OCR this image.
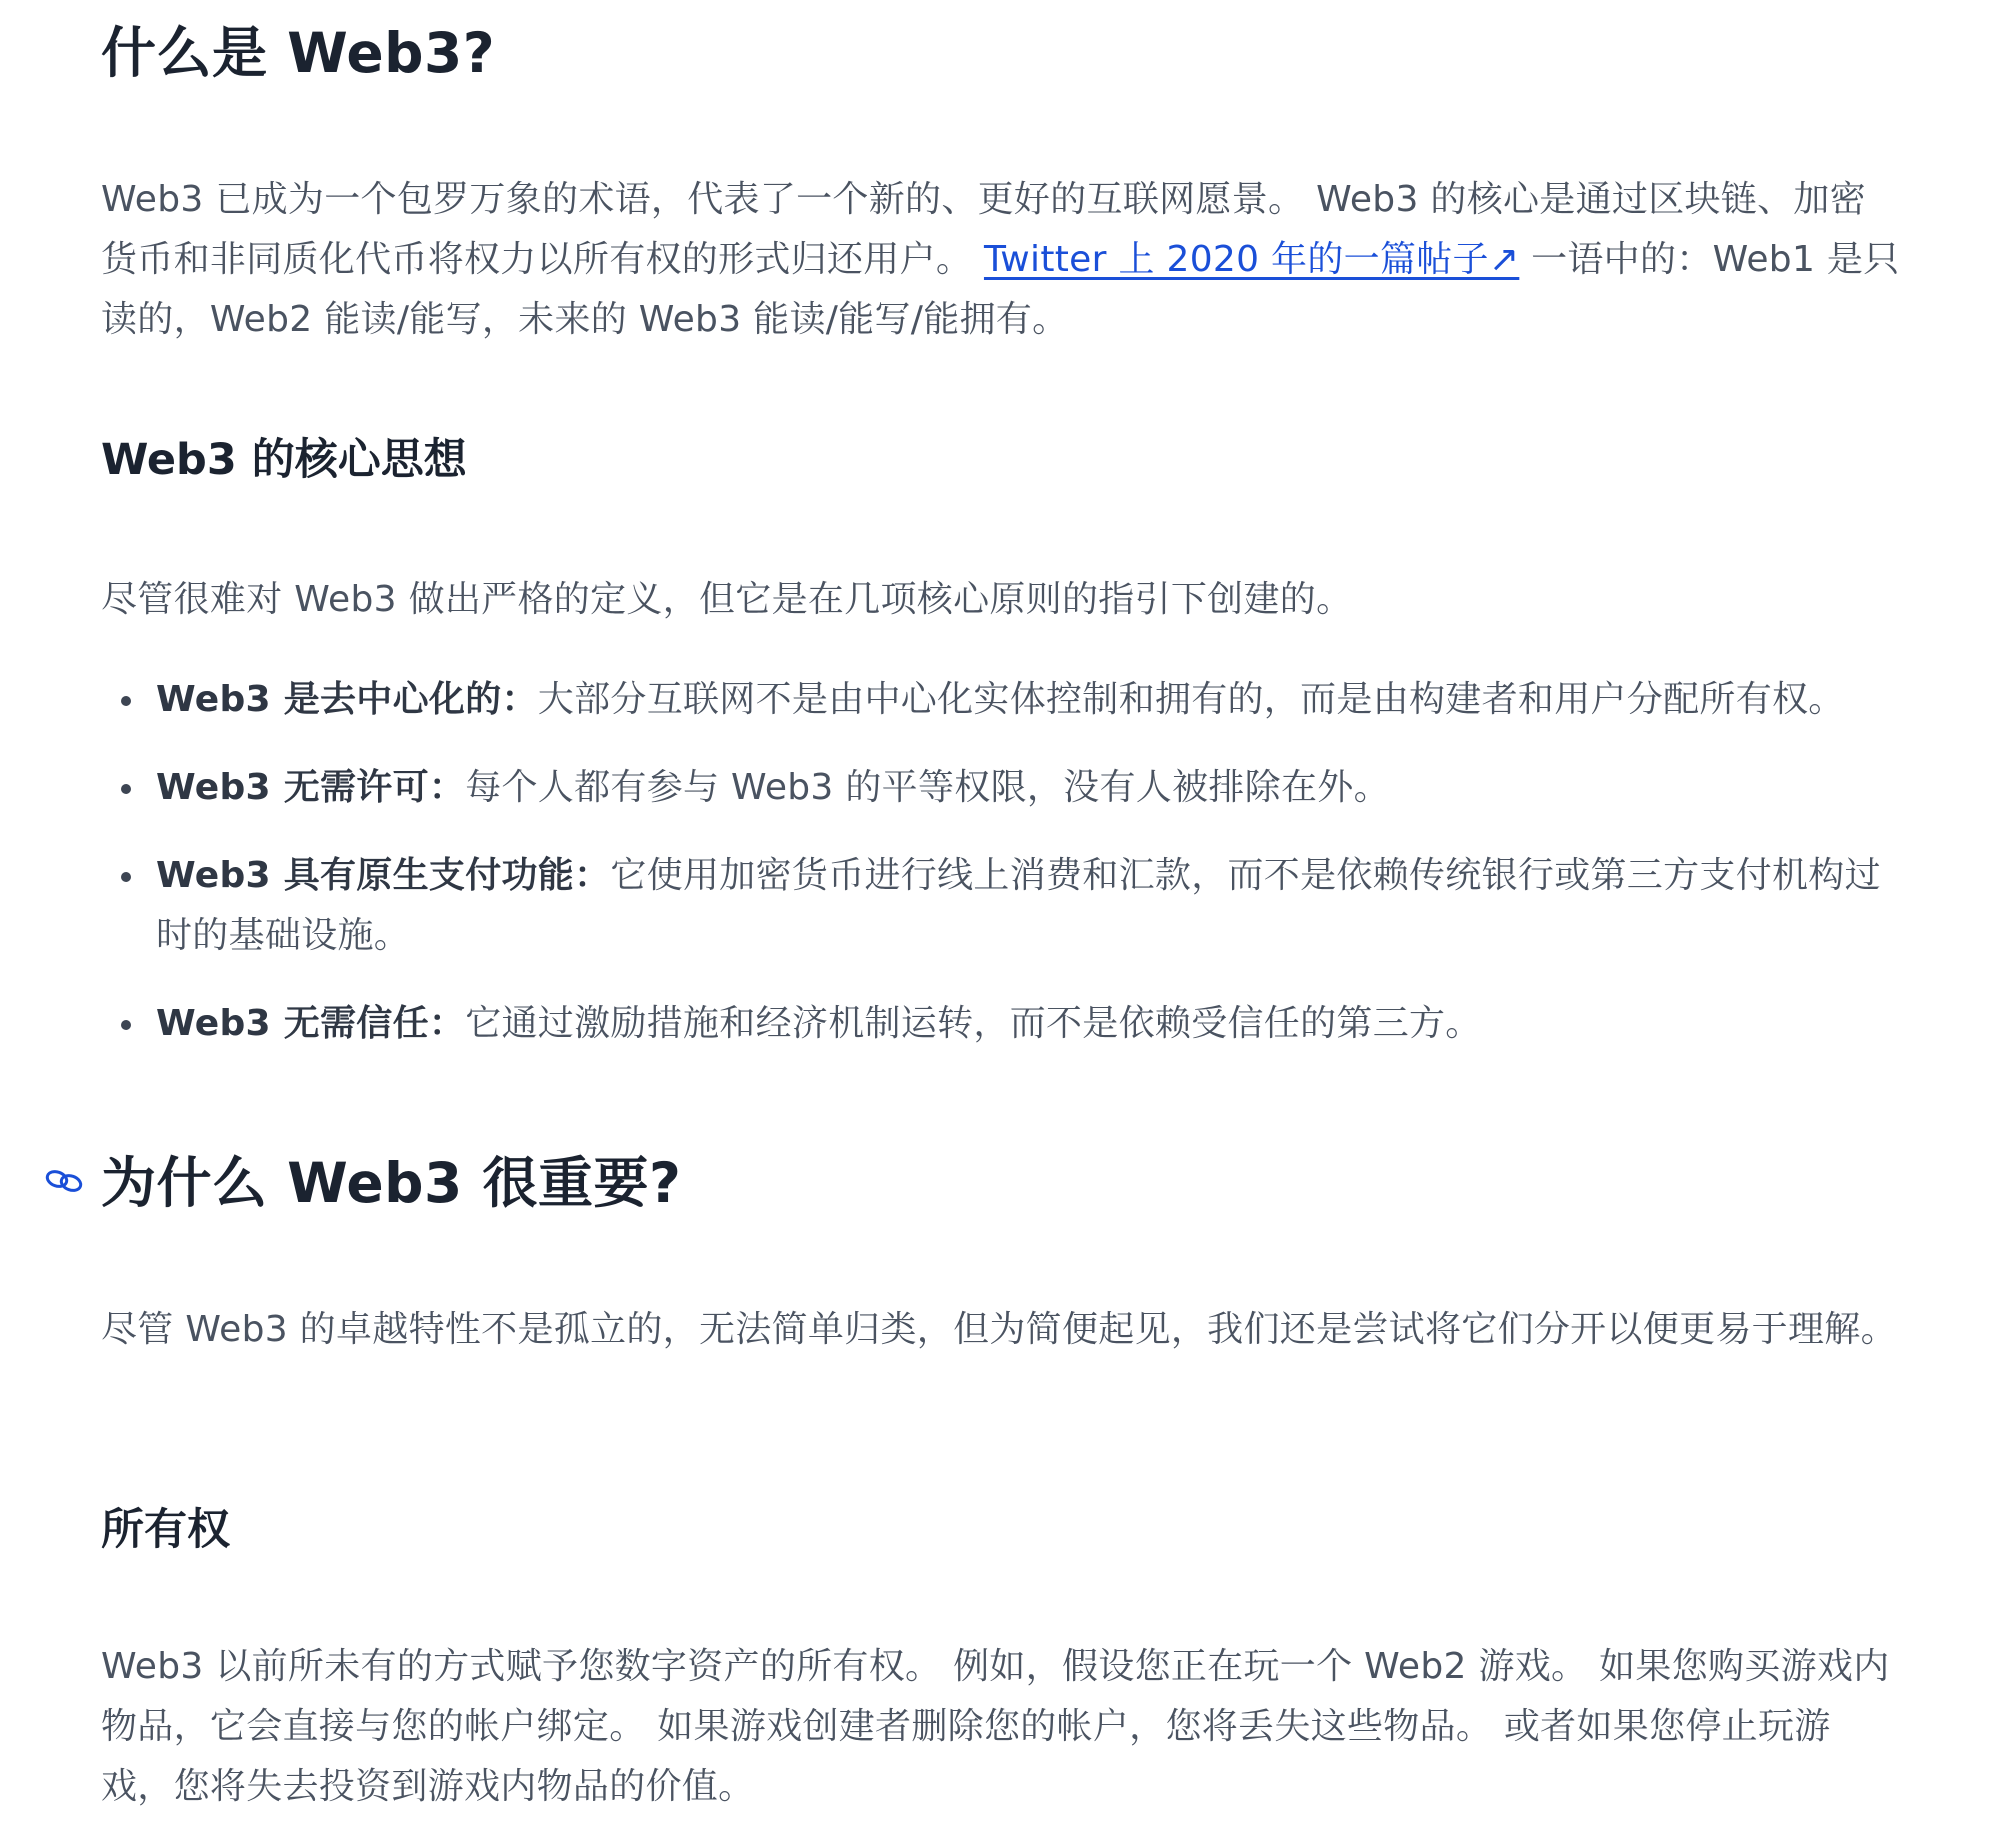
什么是 Web3?

Web3 已成为一个包罗万象的术语，代表了一个新的、更好的互联网愿景。 Web3 的核心是通过区块链、加密货币和非同质化代币将权力以所有权的形式归还用户。 Twitter 上 2020 年的一篇帖子↗ 一语中的：Web1 是只读的，Web2 能读/能写，未来的 Web3 能读/能写/能拥有。

Web3 的核心思想

尽管很难对 Web3 做出严格的定义，但它是在几项核心原则的指引下创建的。

Web3 是去中心化的：大部分互联网不是由中心化实体控制和拥有的，而是由构建者和用户分配所有权。
Web3 无需许可：每个人都有参与 Web3 的平等权限，没有人被排除在外。
Web3 具有原生支付功能：它使用加密货币进行线上消费和汇款，而不是依赖传统银行或第三方支付机构过时的基础设施。
Web3 无需信任：它通过激励措施和经济机制运转，而不是依赖受信任的第三方。
为什么 Web3 很重要?

尽管 Web3 的卓越特性不是孤立的，无法简单归类，但为简便起见，我们还是尝试将它们分开以便更易于理解。

所有权

Web3 以前所未有的方式赋予您数字资产的所有权。 例如，假设您正在玩一个 Web2 游戏。 如果您购买游戏内物品，它会直接与您的帐户绑定。 如果游戏创建者删除您的帐户，您将丢失这些物品。 或者如果您停止玩游戏，您将失去投资到游戏内物品的价值。
